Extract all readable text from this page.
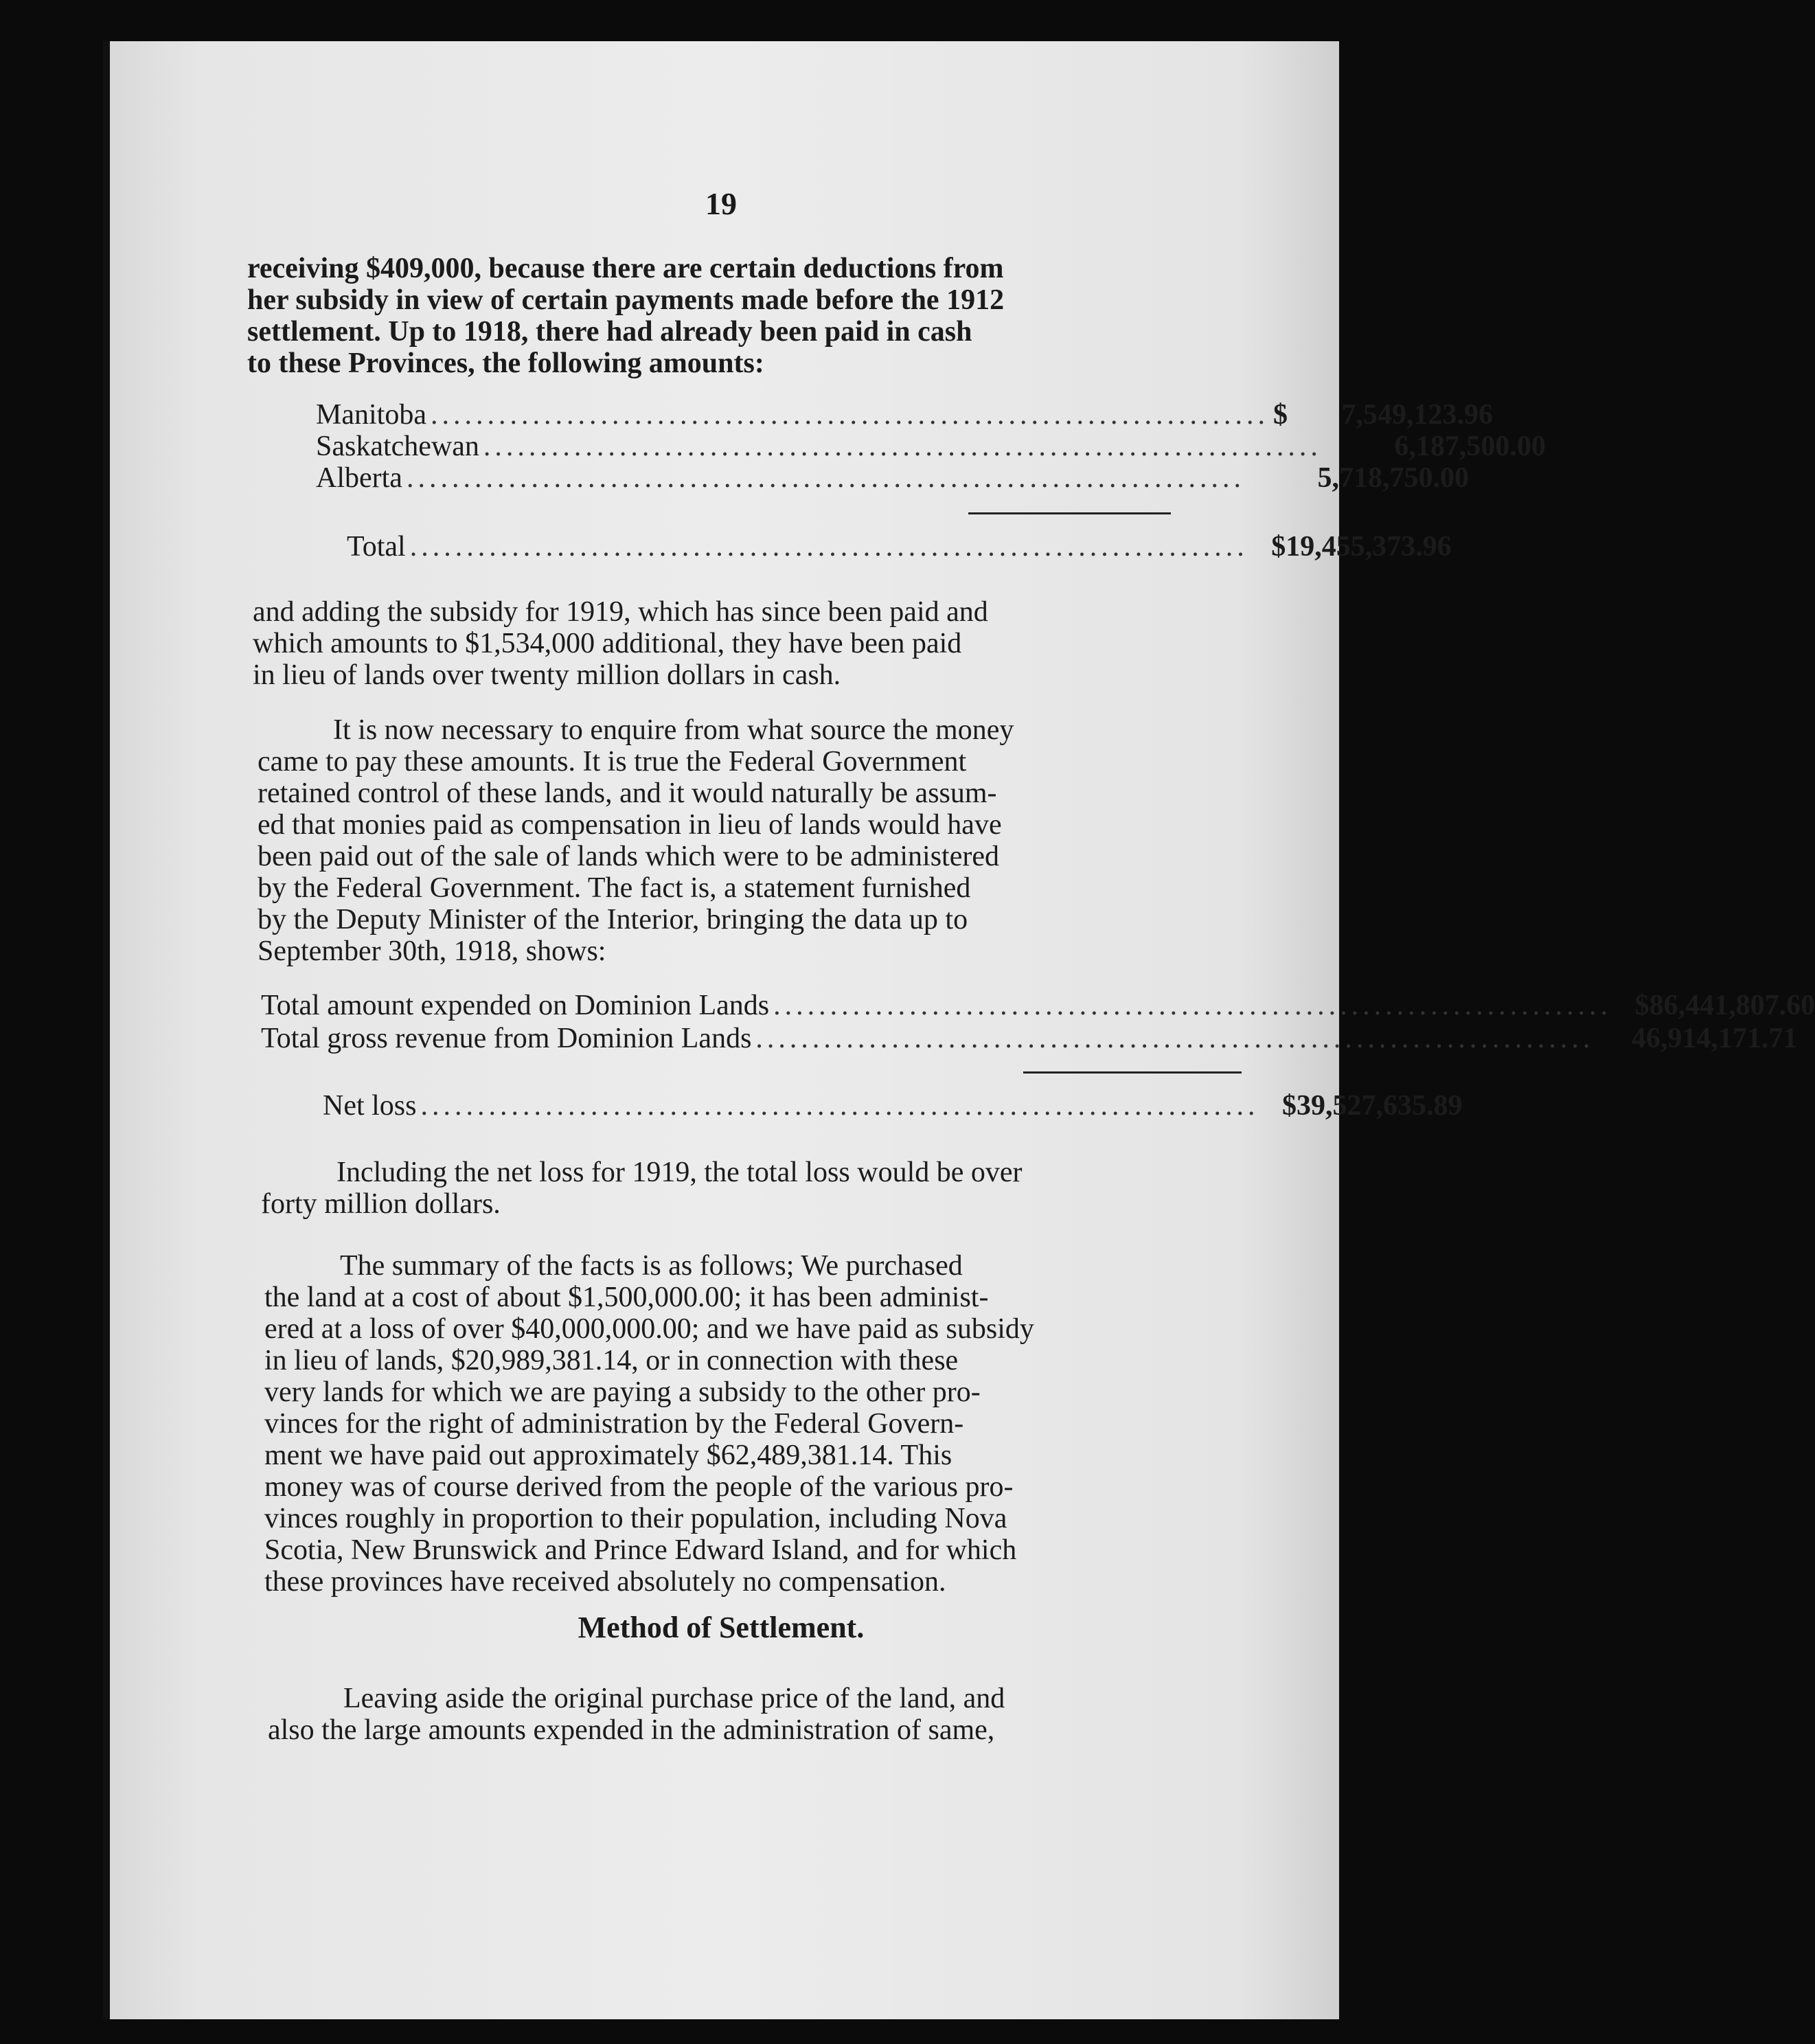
19
receiving $409,000, because there are certain deductions from
her subsidy in view of certain payments made before the 1912
settlement. Up to 1918, there had already been paid in cash
to these Provinces, the following amounts:
Manitoba .......................................................................... $	7,549,123.96
Saskatchewan ..........................................................................	6,187,500.00
Alberta ..........................................................................	5,718,750.00
Total .......................................................................... $19,455,373.96
and adding the subsidy for 1919, which has since been paid and
which amounts to $1,534,000 additional, they have been paid
in lieu of lands over twenty million dollars in cash.
It is now necessary to enquire from what source the money
came to pay these amounts. It is true the Federal Government
retained control of these lands, and it would naturally be assum-
ed that monies paid as compensation in lieu of lands would have
been paid out of the sale of lands which were to be administered
by the Federal Government. The fact is, a statement furnished
by the Deputy Minister of the Interior, bringing the data up to
September 30th, 1918, shows:
Total amount expended on Dominion Lands .......................................................................... $86,441,807.60
Total gross revenue from Dominion Lands ..........................................................................	46,914,171.71
Net loss .......................................................................... $39,527,635.89
Including the net loss for 1919, the total loss would be over
forty million dollars.
The summary of the facts is as follows; We purchased
the land at a cost of about $1,500,000.00; it has been administ-
ered at a loss of over $40,000,000.00; and we have paid as subsidy
in lieu of lands, $20,989,381.14, or in connection with these
very lands for which we are paying a subsidy to the other pro-
vinces for the right of administration by the Federal Govern-
ment we have paid out approximately $62,489,381.14. This
money was of course derived from the people of the various pro-
vinces roughly in proportion to their population, including Nova
Scotia, New Brunswick and Prince Edward Island, and for which
these provinces have received absolutely no compensation.
Method of Settlement.
Leaving aside the original purchase price of the land, and
also the large amounts expended in the administration of same,
